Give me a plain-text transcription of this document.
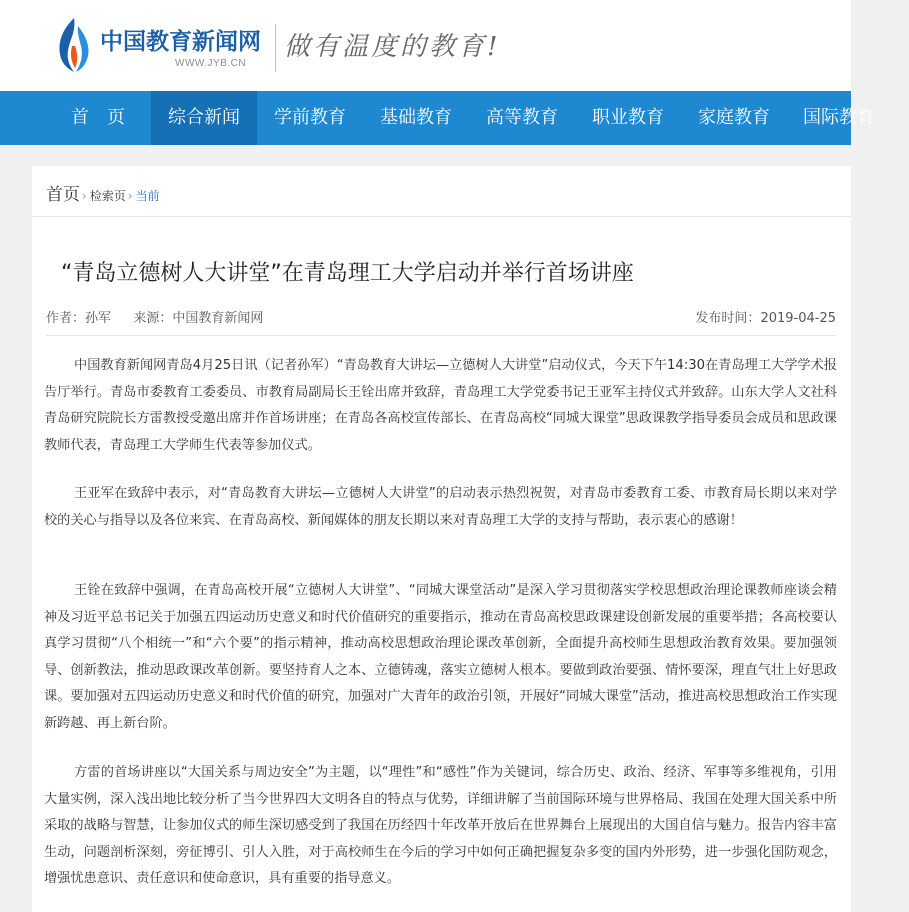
中国教育新闻网
WWW.JYB.CN
做有温度的教育!
首　页	综合新闻	学前教育	基础教育	高等教育	职业教育	家庭教育	国际教育
首页 › 检索页 › 当前
“青岛立德树人大讲堂”在青岛理工大学启动并举行首场讲座
作者：孙军 来源：中国教育新闻网	发布时间：2019-04-25

中国教育新闻网青岛4月25日讯（记者孙军）“青岛教育大讲坛—立德树人大讲堂”启动仪式，今天下午14:30在青岛理工大学学术报告厅举行。青岛市委教育工委委员、市教育局副局长王铨出席并致辞，青岛理工大学党委书记王亚军主持仪式并致辞。山东大学人文社科青岛研究院院长方雷教授受邀出席并作首场讲座；在青岛各高校宣传部长、在青岛高校“同城大课堂”思政课教学指导委员会成员和思政课教师代表，青岛理工大学师生代表等参加仪式。

王亚军在致辞中表示，对“青岛教育大讲坛—立德树人大讲堂”的启动表示热烈祝贺，对青岛市委教育工委、市教育局长期以来对学校的关心与指导以及各位来宾、在青岛高校、新闻媒体的朋友长期以来对青岛理工大学的支持与帮助，表示衷心的感谢！

王铨在致辞中强调，在青岛高校开展“立德树人大讲堂”、“同城大课堂活动”是深入学习贯彻落实学校思想政治理论课教师座谈会精神及习近平总书记关于加强五四运动历史意义和时代价值研究的重要指示，推动在青岛高校思政课建设创新发展的重要举措；各高校要认真学习贯彻“八个相统一”和“六个要”的指示精神，推动高校思想政治理论课改革创新，全面提升高校师生思想政治教育效果。要加强领导、创新教法，推动思政课改革创新。要坚持育人之本、立德铸魂，落实立德树人根本。要做到政治要强、情怀要深，理直气壮上好思政课。要加强对五四运动历史意义和时代价值的研究，加强对广大青年的政治引领，开展好“同城大课堂”活动，推进高校思想政治工作实现新跨越、再上新台阶。

方雷的首场讲座以“大国关系与周边安全”为主题，以“理性”和“感性”作为关键词，综合历史、政治、经济、军事等多维视角，引用大量实例，深入浅出地比较分析了当今世界四大文明各自的特点与优势，详细讲解了当前国际环境与世界格局、我国在处理大国关系中所采取的战略与智慧，让参加仪式的师生深切感受到了我国在历经四十年改革开放后在世界舞台上展现出的大国自信与魅力。报告内容丰富生动，问题剖析深刻，旁征博引、引人入胜，对于高校师生在今后的学习中如何正确把握复杂多变的国内外形势，进一步强化国防观念，增强忧患意识、责任意识和使命意识，具有重要的指导意义。
